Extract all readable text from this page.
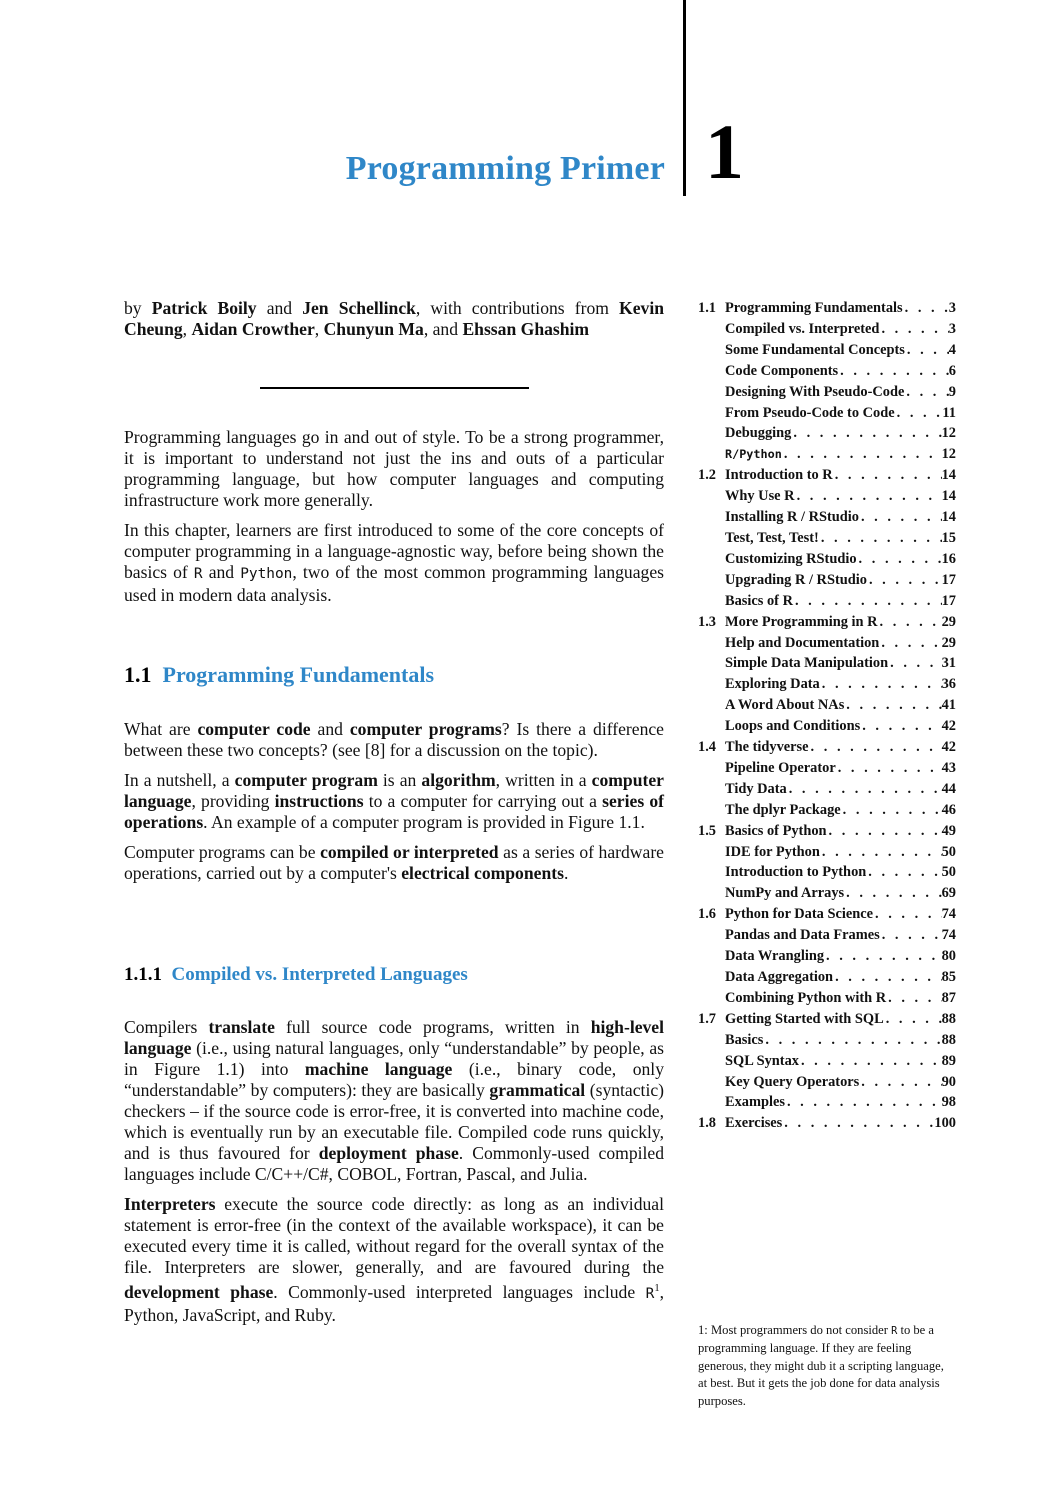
Programming Primer 1

by Patrick Boily and Jen Schellinck, with contributions from Kevin Cheung, Aidan Crowther, Chunyun Ma, and Ehssan Ghashim

Programming languages go in and out of style. To be a strong programmer, it is important to understand not just the ins and outs of a particular programming language, but how computer languages and computing infrastructure work more generally.

In this chapter, learners are first introduced to some of the core concepts of computer programming in a language-agnostic way, before being shown the basics of R and Python, two of the most common programming languages used in modern data analysis.

1.1 Programming Fundamentals

What are computer code and computer programs? Is there a difference between these two concepts? (see [8] for a discussion on the topic).

In a nutshell, a computer program is an algorithm, written in a computer language, providing instructions to a computer for carrying out a series of operations. An example of a computer program is provided in Figure 1.1.

Computer programs can be compiled or interpreted as a series of hardware operations, carried out by a computer's electrical components.

1.1.1 Compiled vs. Interpreted Languages

Compilers translate full source code programs, written in high-level language (i.e., using natural languages, only “understandable” by people, as in Figure 1.1) into machine language (i.e., binary code, only “understandable” by computers): they are basically grammatical (syntactic) checkers – if the source code is error-free, it is converted into machine code, which is eventually run by an executable file. Compiled code runs quickly, and is thus favoured for deployment phase. Commonly-used compiled languages include C/C++/C#, COBOL, Fortran, Pascal, and Julia.

Interpreters execute the source code directly: as long as an individual statement is error-free (in the context of the available workspace), it can be executed every time it is called, without regard for the overall syntax of the file. Interpreters are slower, generally, and are favoured during the development phase. Commonly-used interpreted languages include $R^1$, Python, JavaScript, and Ruby.

1.1 Programming Fundamentals . . .	3
Compiled vs. Interpreted . . .	3
Some Fundamental Concepts . . .	4
Code Components . . .	6
Designing With Pseudo-Code . . .	9
From Pseudo-Code to Code . . .	11
Debugging . . .	12
R/Python . . .	12
1.2 Introduction to R . . .	14
Why Use R . . .	14
Installing R / RStudio . . .	14
Test, Test, Test! . . .	15
Customizing RStudio . . .	16
Upgrading R / RStudio . . .	17
Basics of R . . .	17
1.3 More Programming in R . . .	29
Help and Documentation . . .	29
Simple Data Manipulation . . .	31
Exploring Data . . .	36
A Word About NAs . . .	41
Loops and Conditions . . .	42
1.4 The tidyverse . . .	42
Pipeline Operator . . .	43
Tidy Data . . .	44
The dplyr Package . . .	46
1.5 Basics of Python . . .	49
IDE for Python . . .	50
Introduction to Python . . .	50
NumPy and Arrays . . .	69
1.6 Python for Data Science . . .	74
Pandas and Data Frames . . .	74
Data Wrangling . . .	80
Data Aggregation . . .	85
Combining Python with R . . .	87
1.7 Getting Started with SQL . . .	88
Basics . . .	88
SQL Syntax . . .	89
Key Query Operators . . .	90
Examples . . .	98
1.8 Exercises . . .	100
1: Most programmers do not consider R to be a programming language. If they are feeling generous, they might dub it a scripting language, at best. But it gets the job done for data analysis purposes.
